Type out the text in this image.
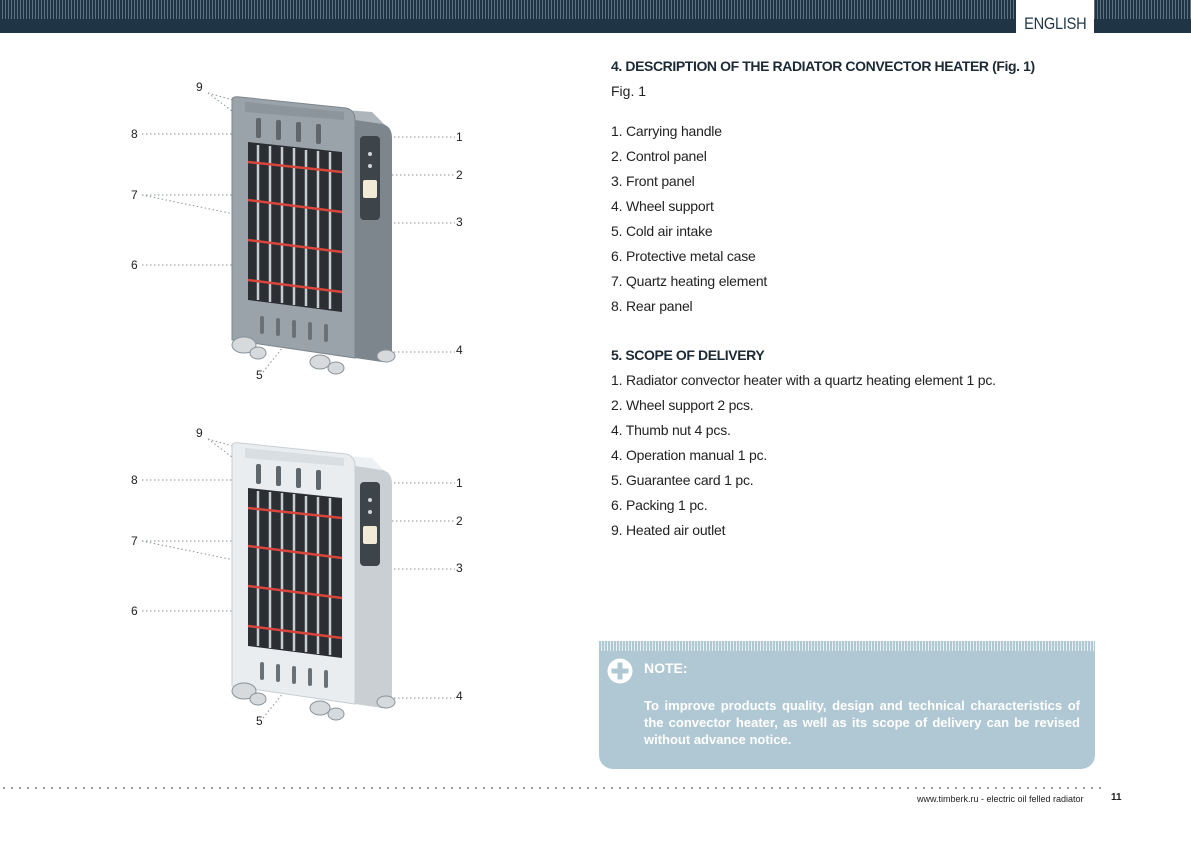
ENGLISH
9
8
7
6
5
1
2
3
4
9
8
7
6
5
1
2
3
4
4. DESCRIPTION OF THE RADIATOR CONVECTOR HEATER (Fig. 1)
Fig. 1
1. Carrying handle
2. Control panel
3. Front panel
4. Wheel support
5. Cold air intake
6. Protective metal case
7. Quartz heating element
8. Rear panel
5. SCOPE OF DELIVERY
1. Radiator convector heater with a quartz heating element 1 pc.
2. Wheel support 2 pcs.
4. Thumb nut 4 pcs.
4. Operation manual 1 pc.
5. Guarantee card 1 pc.
6. Packing 1 pc.
9. Heated air outlet
NOTE:
To improve products quality, design and technical characteristics of the convector heater, as well as its scope of delivery can be revised without advance notice.
www.timberk.ru - electric oil felled radiator	11
